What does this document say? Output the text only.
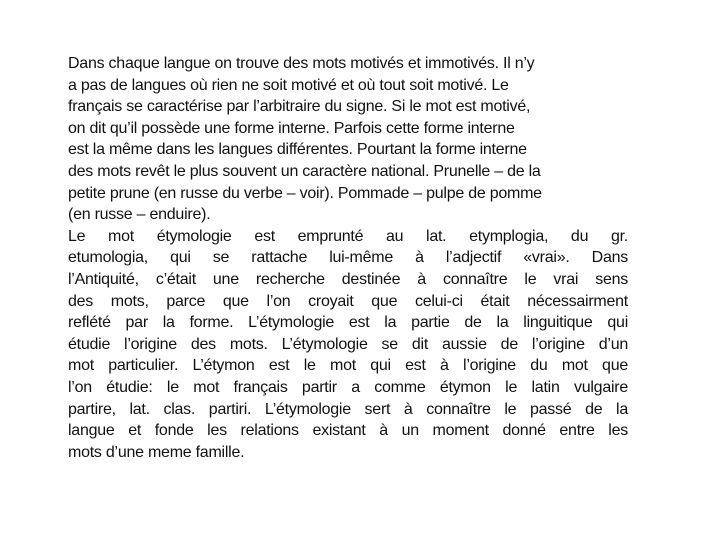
Dans chaque langue on trouve des mots motivés et immotivés. Il n’y
a pas de langues où rien ne soit motivé et où tout soit motivé. Le
français se caractérise par l’arbitraire du signe. Si le mot est motivé,
on dit qu’il possède une forme interne. Parfois cette forme interne
est la même dans les langues différentes. Pourtant la forme interne
des mots revêt le plus souvent un caractère national. Prunelle – de la
petite prune (en russe du verbe – voir). Pommade – pulpe de pomme
(en russe – enduire).
Le mot étymologie est emprunté au lat. etymplogia, du gr.
etumologia, qui se rattache lui-même à l’adjectif «vrai». Dans
l’Antiquité, c’était une recherche destinée à connaître le vrai sens
des mots, parce que l’on croyait que celui-ci était nécessairment
reflété par la forme. L’étymologie est la partie de la linguitique qui
étudie l’origine des mots. L’étymologie se dit aussie de l’origine d’un
mot particulier. L’étymon est le mot qui est à l’origine du mot que
l’on étudie: le mot français partir a comme étymon le latin vulgaire
partire, lat. clas. partiri. L’étymologie sert à connaître le passé de la
langue et fonde les relations existant à un moment donné entre les
mots d’une meme famille.
